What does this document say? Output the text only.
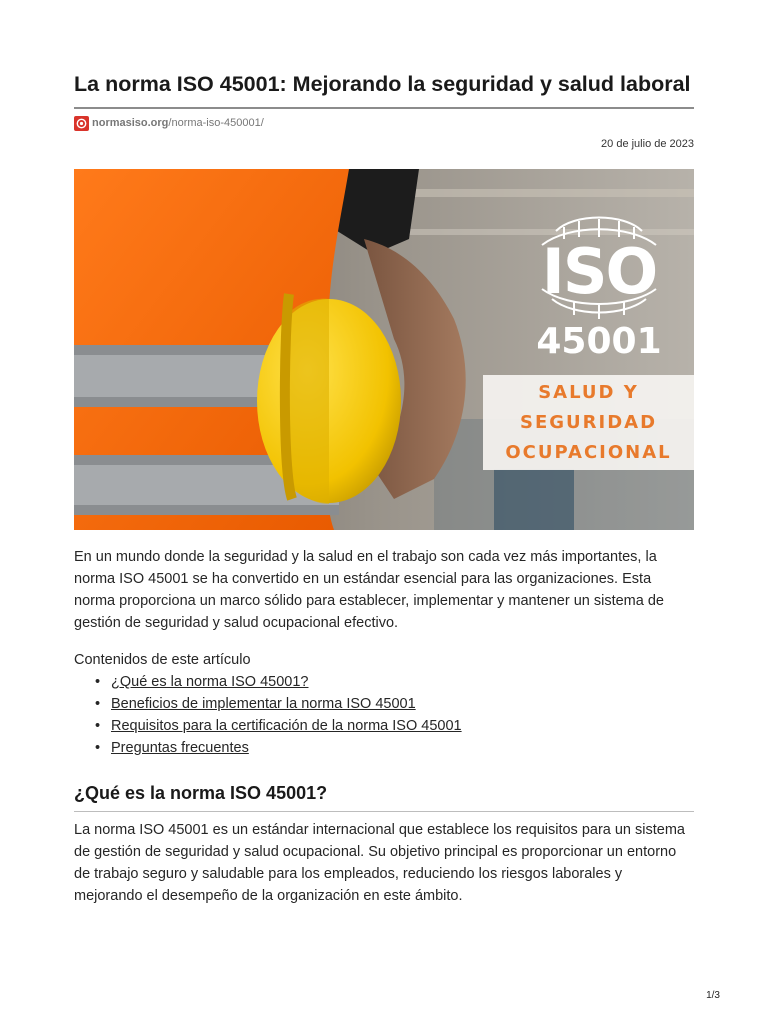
La norma ISO 45001: Mejorando la seguridad y salud laboral
normasiso.org/norma-iso-450001/
20 de julio de 2023
ISO
45001
SALUD Y
SEGURIDAD
OCUPACIONAL

En un mundo donde la seguridad y la salud en el trabajo son cada vez más importantes, la norma ISO 45001 se ha convertido en un estándar esencial para las organizaciones. Esta norma proporciona un marco sólido para establecer, implementar y mantener un sistema de gestión de seguridad y salud ocupacional efectivo.

Contenidos de este artículo
• ¿Qué es la norma ISO 45001?
• Beneficios de implementar la norma ISO 45001
• Requisitos para la certificación de la norma ISO 45001
• Preguntas frecuentes
¿Qué es la norma ISO 45001?

La norma ISO 45001 es un estándar internacional que establece los requisitos para un sistema de gestión de seguridad y salud ocupacional. Su objetivo principal es proporcionar un entorno de trabajo seguro y saludable para los empleados, reduciendo los riesgos laborales y mejorando el desempeño de la organización en este ámbito.

1/3
